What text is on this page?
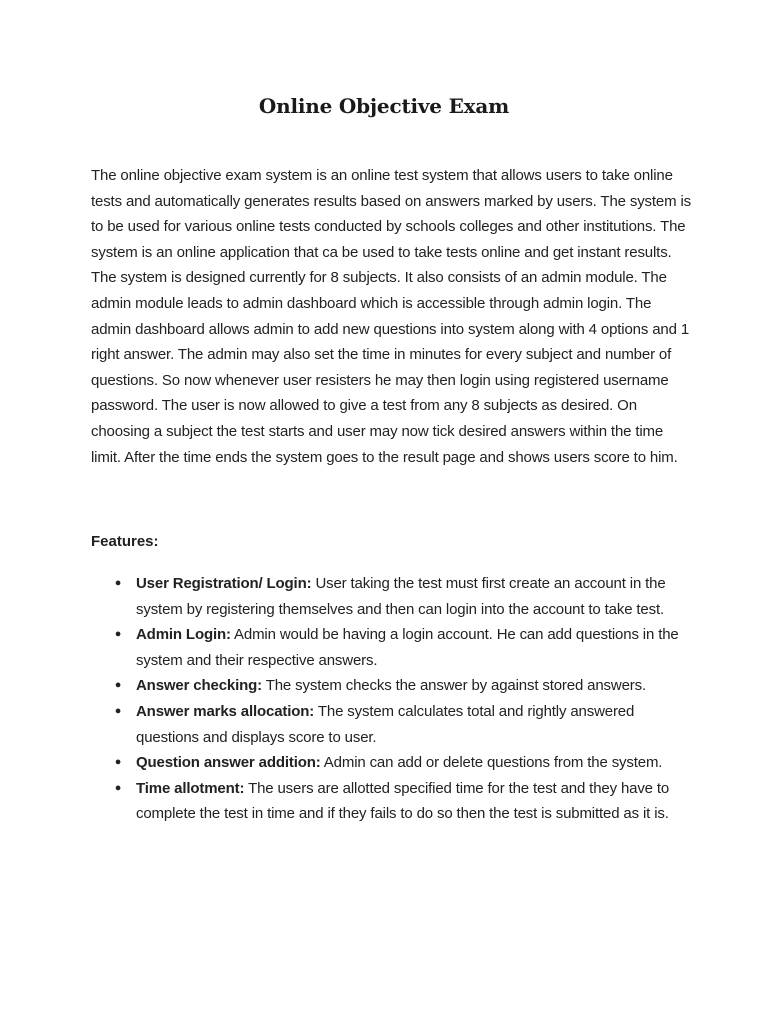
Online Objective Exam

The online objective exam system is an online test system that allows users to take online tests and automatically generates results based on answers marked by users. The system is to be used for various online tests conducted by schools colleges and other institutions. The system is an online application that ca be used to take tests online and get instant results. The system is designed currently for 8 subjects. It also consists of an admin module. The admin module leads to admin dashboard which is accessible through admin login. The admin dashboard allows admin to add new questions into system along with 4 options and 1 right answer. The admin may also set the time in minutes for every subject and number of questions. So now whenever user resisters he may then login using registered username password. The user is now allowed to give a test from any 8 subjects as desired. On choosing a subject the test starts and user may now tick desired answers within the time limit. After the time ends the system goes to the result page and shows users score to him.

Features:

● User Registration/ Login: User taking the test must first create an account in the system by registering themselves and then can login into the account to take test.
● Admin Login: Admin would be having a login account. He can add questions in the system and their respective answers.
● Answer checking: The system checks the answer by against stored answers.
● Answer marks allocation: The system calculates total and rightly answered questions and displays score to user.
● Question answer addition: Admin can add or delete questions from the system.
● Time allotment: The users are allotted specified time for the test and they have to complete the test in time and if they fails to do so then the test is submitted as it is.
